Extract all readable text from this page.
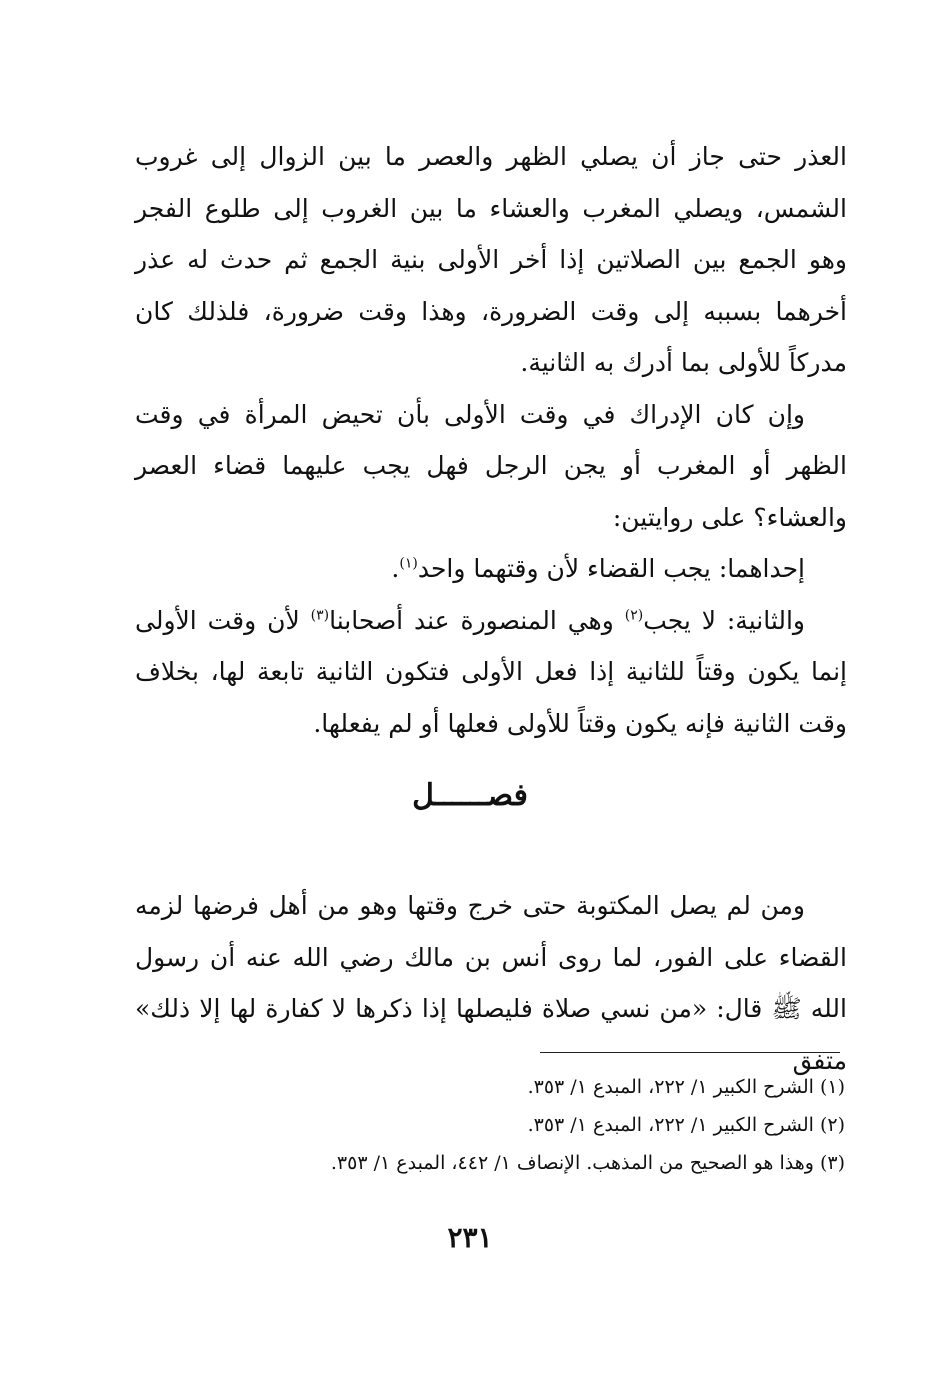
العذر حتى جاز أن يصلي الظهر والعصر ما بين الزوال إلى غروب الشمس، ويصلي المغرب والعشاء ما بين الغروب إلى طلوع الفجر وهو الجمع بين الصلاتين إذا أخر الأولى بنية الجمع ثم حدث له عذر أخرهما بسببه إلى وقت الضرورة، وهذا وقت ضرورة، فلذلك كان مدركاً للأولى بما أدرك به الثانية.

وإن كان الإدراك في وقت الأولى بأن تحيض المرأة في وقت الظهر أو المغرب أو يجن الرجل فهل يجب عليهما قضاء العصر والعشاء؟ على روايتين:

إحداهما: يجب القضاء لأن وقتهما واحد$^{(١)}$.

والثانية: لا يجب$^{(٢)}$ وهي المنصورة عند أصحابنا$^{(٣)}$ لأن وقت الأولى إنما يكون وقتاً للثانية إذا فعل الأولى فتكون الثانية تابعة لها، بخلاف وقت الثانية فإنه يكون وقتاً للأولى فعلها أو لم يفعلها.

فصــــــل

ومن لم يصل المكتوبة حتى خرج وقتها وهو من أهل فرضها لزمه القضاء على الفور، لما روى أنس بن مالك رضي الله عنه أن رسول الله ﷺ قال: «من نسي صلاة فليصلها إذا ذكرها لا كفارة لها إلا ذلك» متفق

(١) الشرح الكبير ١/ ٢٢٢، المبدع ١/ ٣٥٣.
(٢) الشرح الكبير ١/ ٢٢٢، المبدع ١/ ٣٥٣.
(٣) وهذا هو الصحيح من المذهب. الإنصاف ١/ ٤٤٢، المبدع ١/ ٣٥٣.
٢٣١
